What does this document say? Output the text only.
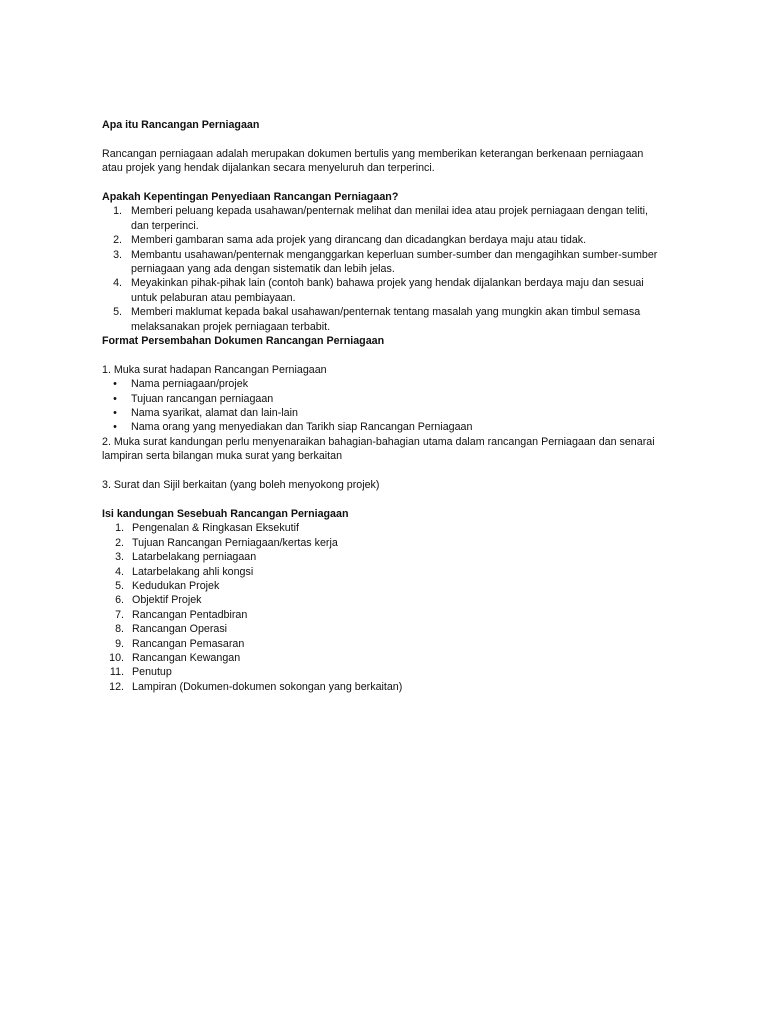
Apa itu Rancangan Perniagaan

Rancangan perniagaan adalah merupakan dokumen bertulis yang memberikan keterangan berkenaan perniagaan atau projek yang hendak dijalankan secara menyeluruh dan terperinci.

Apakah Kepentingan Penyediaan Rancangan Perniagaan?

1. Memberi peluang kepada usahawan/penternak melihat dan menilai idea atau projek perniagaan dengan teliti, dan terperinci.
2. Memberi gambaran sama ada projek yang dirancang dan dicadangkan berdaya maju atau tidak.
3. Membantu usahawan/penternak menganggarkan keperluan sumber-sumber dan mengagihkan sumber-sumber perniagaan yang ada dengan sistematik dan lebih jelas.
4. Meyakinkan pihak-pihak lain (contoh bank) bahawa projek yang hendak dijalankan berdaya maju dan sesuai untuk pelaburan atau pembiayaan.
5. Memberi maklumat kepada bakal usahawan/penternak tentang masalah yang mungkin akan timbul semasa melaksanakan projek perniagaan terbabit.

Format Persembahan Dokumen Rancangan Perniagaan

1. Muka surat hadapan Rancangan Perniagaan

• Nama perniagaan/projek
• Tujuan rancangan perniagaan
• Nama syarikat, alamat dan lain-lain
• Nama orang yang menyediakan dan Tarikh siap Rancangan Perniagaan

2. Muka surat kandungan perlu menyenaraikan bahagian-bahagian utama dalam rancangan Perniagaan dan senarai lampiran serta bilangan muka surat yang berkaitan

3. Surat dan Sijil berkaitan (yang boleh menyokong projek)

Isi kandungan Sesebuah Rancangan Perniagaan

1. Pengenalan & Ringkasan Eksekutif
2. Tujuan Rancangan Perniagaan/kertas kerja
3. Latarbelakang perniagaan
4. Latarbelakang ahli kongsi
5. Kedudukan Projek
6. Objektif Projek
7. Rancangan Pentadbiran
8. Rancangan Operasi
9. Rancangan Pemasaran
10. Rancangan Kewangan
11. Penutup
12. Lampiran (Dokumen-dokumen sokongan yang berkaitan)
